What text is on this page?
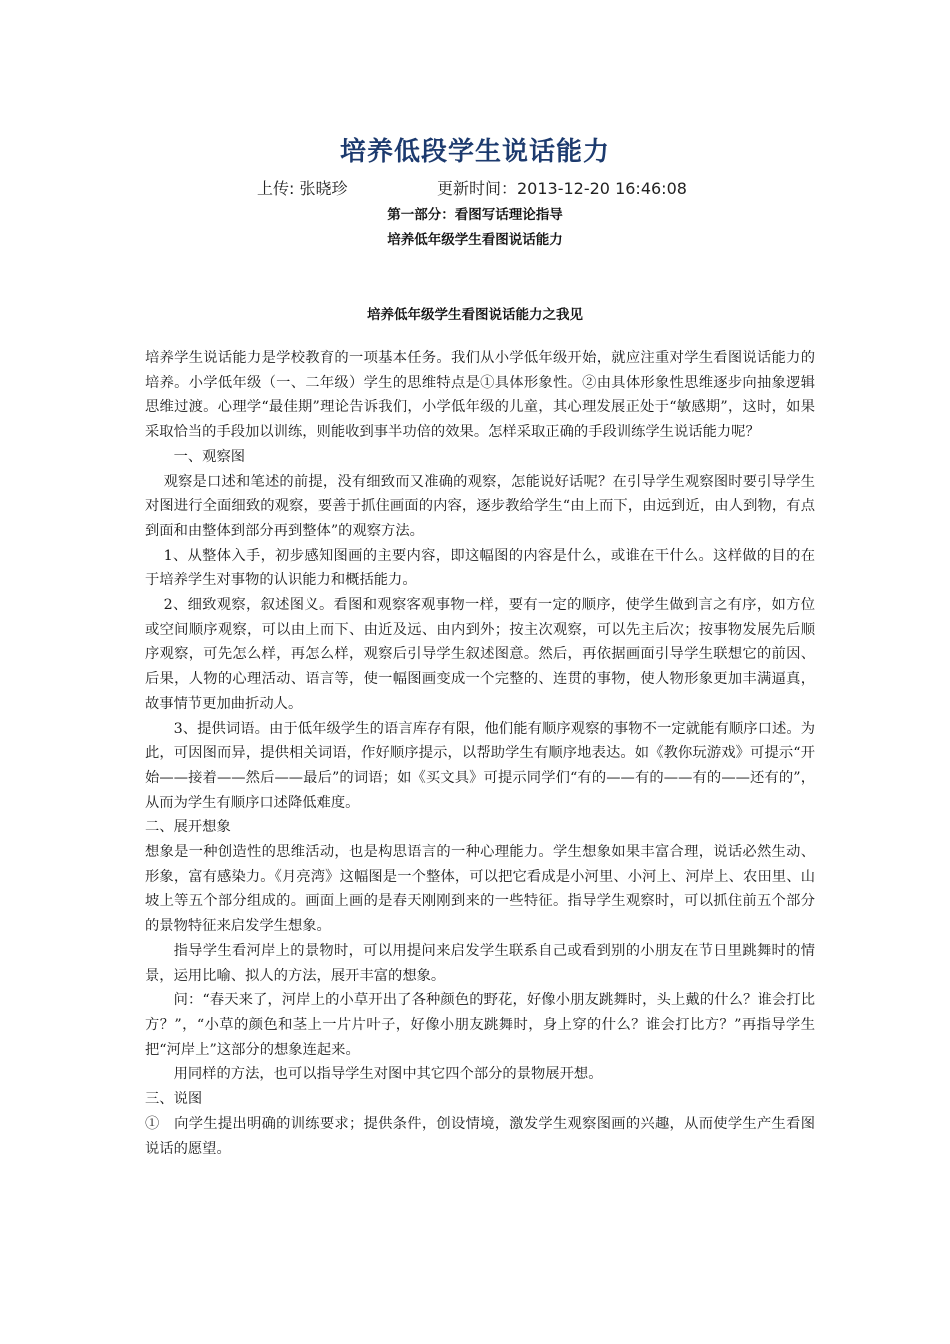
培养低段学生说话能力
上传: 张晓珍	更新时间：2013-12-20 16:46:08
第一部分：看图写话理论指导
培养低年级学生看图说话能力
培养低年级学生看图说话能力之我见

培养学生说话能力是学校教育的一项基本任务。我们从小学低年级开始，就应注重对学生看图说话能力的培养。小学低年级（一、二年级）学生的思维特点是①具体形象性。②由具体形象性思维逐步向抽象逻辑思维过渡。心理学“最佳期”理论告诉我们，小学低年级的儿童，其心理发展正处于“敏感期”，这时，如果采取恰当的手段加以训练，则能收到事半功倍的效果。怎样采取正确的手段训练学生说话能力呢？

一、观察图

观察是口述和笔述的前提，没有细致而又准确的观察，怎能说好话呢？在引导学生观察图时要引导学生对图进行全面细致的观察，要善于抓住画面的内容，逐步教给学生“由上而下，由远到近，由人到物，有点到面和由整体到部分再到整体”的观察方法。

1、从整体入手，初步感知图画的主要内容，即这幅图的内容是什么，或谁在干什么。这样做的目的在于培养学生对事物的认识能力和概括能力。

2、细致观察，叙述图义。看图和观察客观事物一样，要有一定的顺序，使学生做到言之有序，如方位或空间顺序观察，可以由上而下、由近及远、由内到外；按主次观察，可以先主后次；按事物发展先后顺序观察，可先怎么样，再怎么样，观察后引导学生叙述图意。然后，再依据画面引导学生联想它的前因、后果，人物的心理活动、语言等，使一幅图画变成一个完整的、连贯的事物，使人物形象更加丰满逼真，故事情节更加曲折动人。

3、提供词语。由于低年级学生的语言库存有限，他们能有顺序观察的事物不一定就能有顺序口述。为此，可因图而异，提供相关词语，作好顺序提示，以帮助学生有顺序地表达。如《教你玩游戏》可提示“开始——接着——然后——最后”的词语；如《买文具》可提示同学们“有的——有的——有的——还有的”，从而为学生有顺序口述降低难度。

二、展开想象

想象是一种创造性的思维活动，也是构思语言的一种心理能力。学生想象如果丰富合理，说话必然生动、形象，富有感染力。《月亮湾》这幅图是一个整体，可以把它看成是小河里、小河上、河岸上、农田里、山坡上等五个部分组成的。画面上画的是春天刚刚到来的一些特征。指导学生观察时，可以抓住前五个部分的景物特征来启发学生想象。

指导学生看河岸上的景物时，可以用提问来启发学生联系自己或看到别的小朋友在节日里跳舞时的情景，运用比喻、拟人的方法，展开丰富的想象。

问：“春天来了，河岸上的小草开出了各种颜色的野花，好像小朋友跳舞时，头上戴的什么？谁会打比方？”，“小草的颜色和茎上一片片叶子，好像小朋友跳舞时，身上穿的什么？谁会打比方？”再指导学生把“河岸上”这部分的想象连起来。

用同样的方法，也可以指导学生对图中其它四个部分的景物展开想。

三、说图

①　向学生提出明确的训练要求；提供条件，创设情境，激发学生观察图画的兴趣，从而使学生产生看图说话的愿望。
